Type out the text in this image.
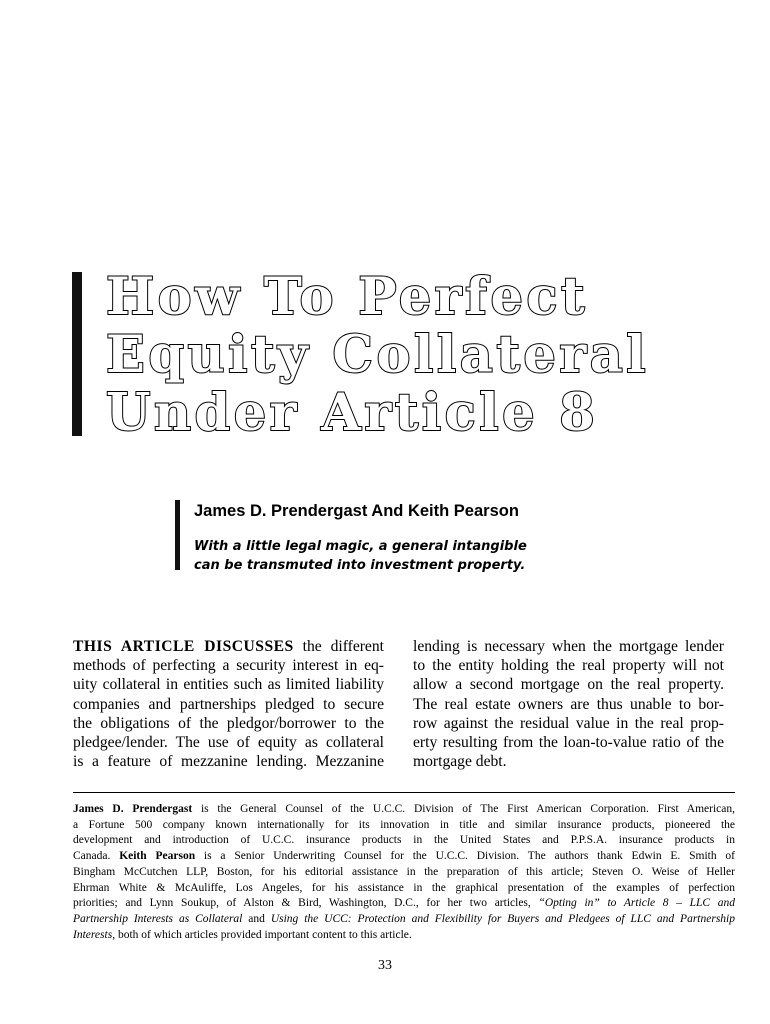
How To Perfect
Equity Collateral
Under Article 8
James D. Prendergast And Keith Pearson
With a little legal magic, a general intangible
can be transmuted into investment property.
THIS ARTICLE DISCUSSES the different
methods of perfecting a security interest in eq-
uity collateral in entities such as limited liability
companies and partnerships pledged to secure
the obligations of the pledgor/borrower to the
pledgee/lender. The use of equity as collateral
is a feature of mezzanine lending. Mezzanine
lending is necessary when the mortgage lender
to the entity holding the real property will not
allow a second mortgage on the real property.
The real estate owners are thus unable to bor-
row against the residual value in the real prop-
erty resulting from the loan-to-value ratio of the
mortgage debt.
James D. Prendergast is the General Counsel of the U.C.C. Division of The First American Corporation. First American,
a Fortune 500 company known internationally for its innovation in title and similar insurance products, pioneered the
development and introduction of U.C.C. insurance products in the United States and P.P.S.A. insurance products in
Canada. Keith Pearson is a Senior Underwriting Counsel for the U.C.C. Division. The authors thank Edwin E. Smith of
Bingham McCutchen LLP, Boston, for his editorial assistance in the preparation of this article; Steven O. Weise of Heller
Ehrman White & McAuliffe, Los Angeles, for his assistance in the graphical presentation of the examples of perfection
priorities; and Lynn Soukup, of Alston & Bird, Washington, D.C., for her two articles, “Opting in” to Article 8 – LLC and
Partnership Interests as Collateral and Using the UCC: Protection and Flexibility for Buyers and Pledgees of LLC and Partnership
Interests, both of which articles provided important content to this article.
33
